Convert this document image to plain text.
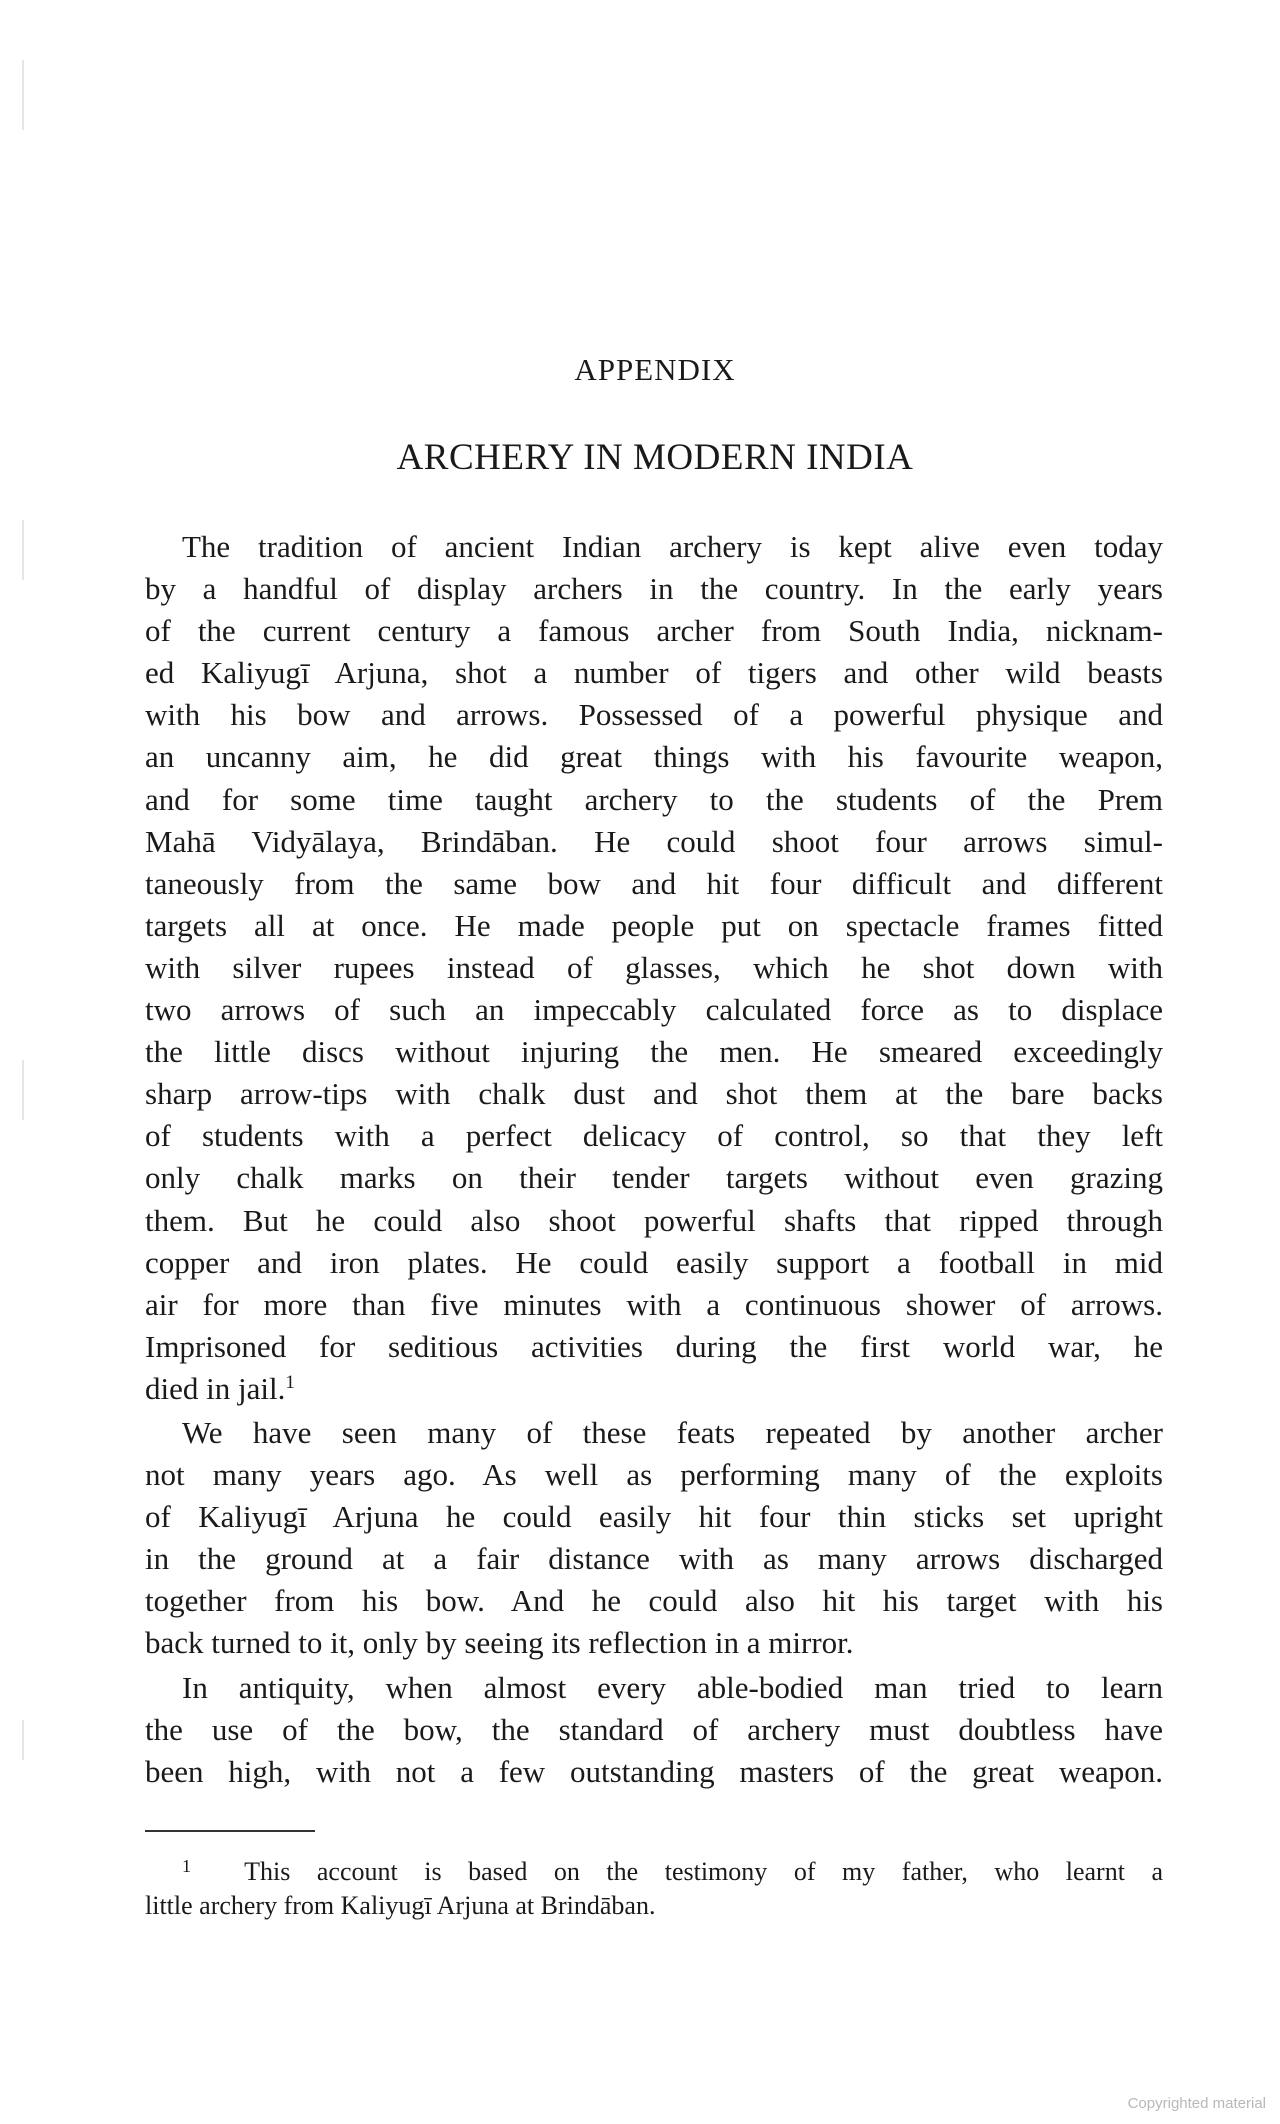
APPENDIX
ARCHERY IN MODERN INDIA

The tradition of ancient Indian archery is kept alive even today
by a handful of display archers in the country. In the early years
of the current century a famous archer from South India, nicknam-
ed Kaliyugī Arjuna, shot a number of tigers and other wild beasts
with his bow and arrows. Possessed of a powerful physique and
an uncanny aim, he did great things with his favourite weapon,
and for some time taught archery to the students of the Prem
Mahā Vidyālaya, Brindāban. He could shoot four arrows simul-
taneously from the same bow and hit four difficult and different
targets all at once. He made people put on spectacle frames fitted
with silver rupees instead of glasses, which he shot down with
two arrows of such an impeccably calculated force as to displace
the little discs without injuring the men. He smeared exceedingly
sharp arrow-tips with chalk dust and shot them at the bare backs
of students with a perfect delicacy of control, so that they left
only chalk marks on their tender targets without even grazing
them. But he could also shoot powerful shafts that ripped through
copper and iron plates. He could easily support a football in mid
air for more than five minutes with a continuous shower of arrows.
Imprisoned for seditious activities during the first world war, he
died in jail.$^1$

We have seen many of these feats repeated by another archer
not many years ago. As well as performing many of the exploits
of Kaliyugī Arjuna he could easily hit four thin sticks set upright
in the ground at a fair distance with as many arrows discharged
together from his bow. And he could also hit his target with his
back turned to it, only by seeing its reflection in a mirror.

In antiquity, when almost every able-bodied man tried to learn
the use of the bow, the standard of archery must doubtless have
been high, with not a few outstanding masters of the great weapon.

$^1$ This account is based on the testimony of my father, who learnt a
little archery from Kaliyugī Arjuna at Brindāban.
Copyrighted material
